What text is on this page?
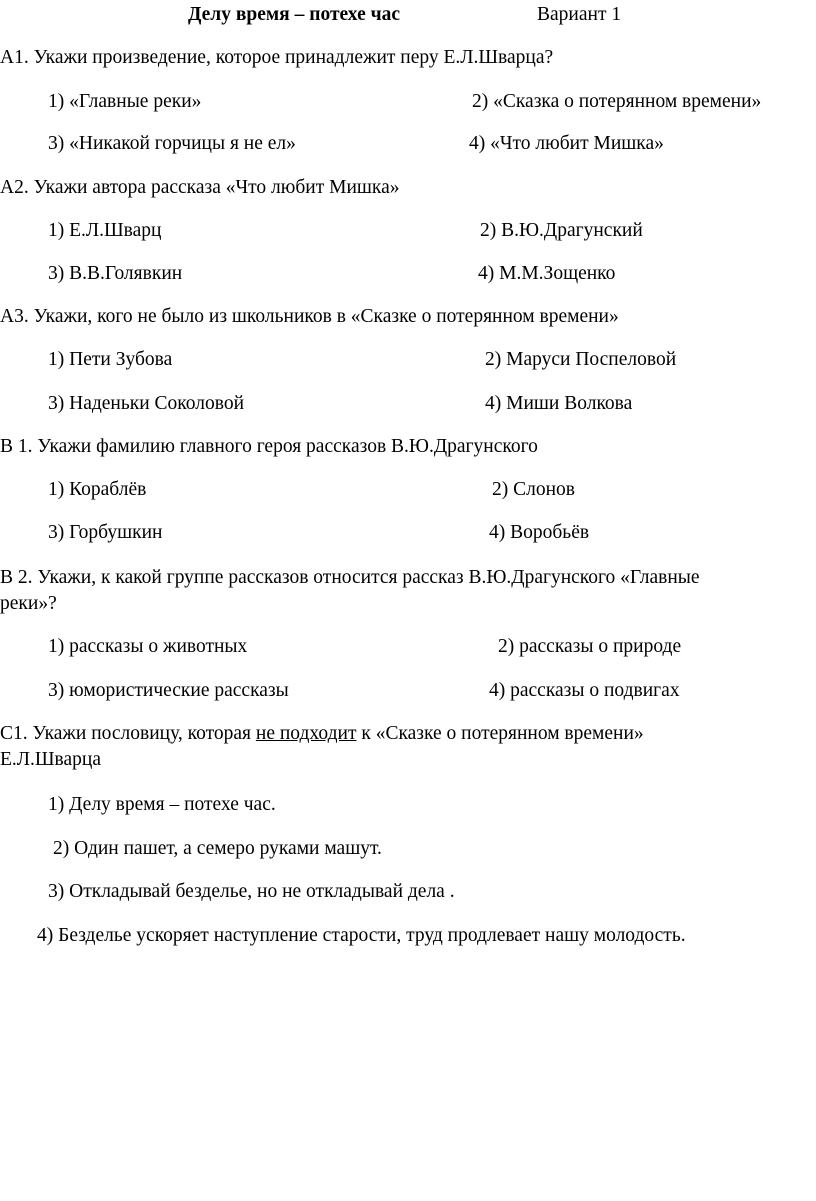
Делу время – потехе час	Вариант 1
А1. Укажи произведение, которое принадлежит перу Е.Л.Шварца?
1) «Главные реки»	2) «Сказка о потерянном времени»
3) «Никакой горчицы я не ел»	4) «Что любит Мишка»
А2. Укажи автора рассказа «Что любит Мишка»
1) Е.Л.Шварц	2) В.Ю.Драгунский
3) В.В.Голявкин	4) М.М.Зощенко
А3. Укажи, кого не было из школьников в «Сказке о потерянном времени»
1) Пети Зубова	2) Маруси Поспеловой
3) Наденьки Соколовой	4) Миши Волкова
В 1. Укажи фамилию главного героя рассказов В.Ю.Драгунского
1) Кораблёв	2) Слонов
3) Горбушкин	4) Воробьёв
В 2. Укажи, к какой группе рассказов относится рассказ В.Ю.Драгунского «Главные
реки»?
1) рассказы о животных	2) рассказы о природе
3) юмористические рассказы	4) рассказы о подвигах
С1. Укажи пословицу, которая не подходит к «Сказке о потерянном времени»
Е.Л.Шварца
1) Делу время – потехе час.
2) Один пашет, а семеро руками машут.
3) Откладывай безделье, но не откладывай дела .
4) Безделье ускоряет наступление старости, труд продлевает нашу молодость.
